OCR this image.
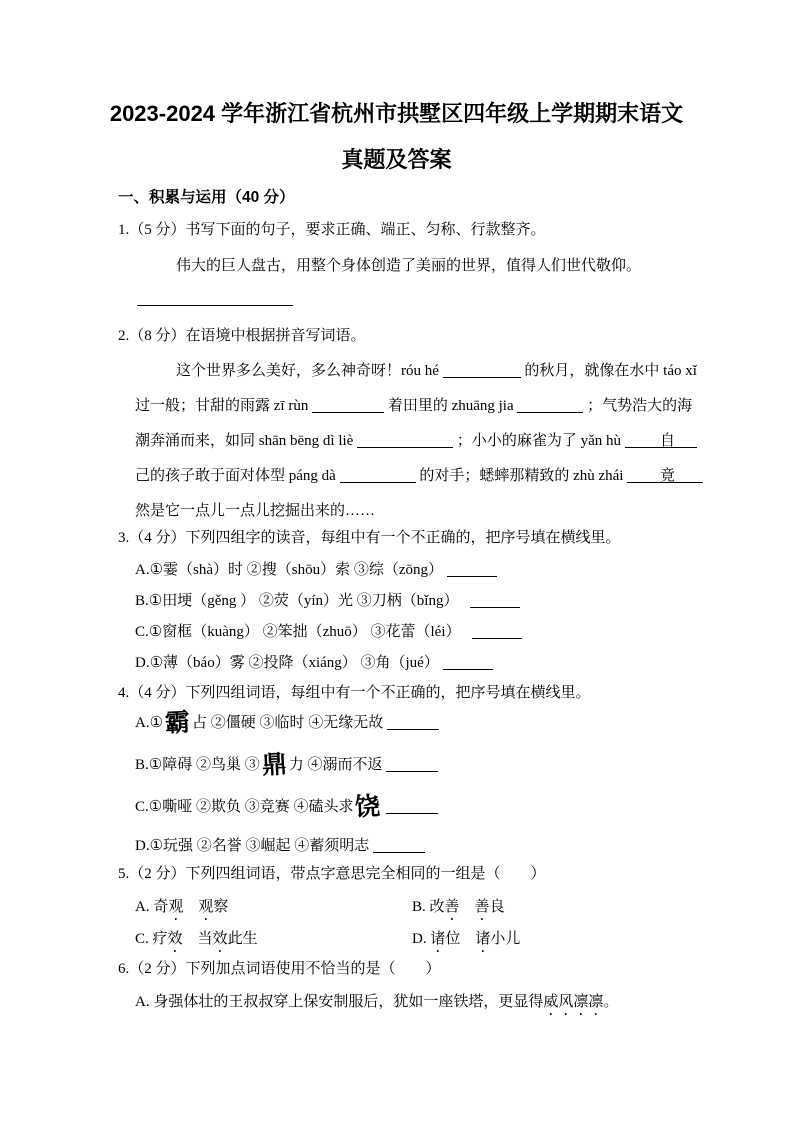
2023-2024 学年浙江省杭州市拱墅区四年级上学期期末语文
真题及答案
一、积累与运用（40 分）
1.（5 分）书写下面的句子，要求正确、端正、匀称、行款整齐。
伟大的巨人盘古，用整个身体创造了美丽的世界，值得人们世代敬仰。
2.（8 分）在语境中根据拼音写词语。
这个世界多么美好，多么神奇呀！róu hé	的秋月，就像在水中 táo xǐ
过一般；甘甜的雨露 zī rùn	着田里的 zhuāng jia	；气势浩大的海
潮奔涌而来，如同 shān bēng dì liè	；小小的麻雀为了 yǎn hù	自
己的孩子敢于面对体型 páng dà	的对手；蟋蟀那精致的 zhù zhái 竟
然是它一点儿一点儿挖掘出来的……
3.（4 分）下列四组字的读音，每组中有一个不正确的，把序号填在横线里。
A.①霎（shà）时 ②搜（shōu）索 ③综（zōng）
B.①田埂（gěng ） ②荧（yín）光 ③刀柄（bǐng）
C.①窗框（kuàng） ②笨拙（zhuō） ③花蕾（léi）
D.①薄（báo）雾 ②投降（xiáng） ③角（jué）
4.（4 分）下列四组词语，每组中有一个不正确的，把序号填在横线里。
A.①霸占 ②僵硬 ③临时 ④无缘无故
B.①障碍 ②鸟巢 ③鼎力 ④溺而不返
C.①嘶哑 ②欺负 ③竞赛 ④磕头求饶
D.①玩强 ②名誉 ③崛起 ④蓄须明志
5.（2 分）下列四组词语，带点字意思完全相同的一组是（　　）
A. 奇观　 观察	B. 改善　 善良
C. 疗效　当效此生	D. 诸位　诸小儿
6.（2 分）下列加点词语使用不恰当的是（　　）
A. 身强体壮的王叔叔穿上保安制服后，犹如一座铁塔，更显得威风凛凛。
